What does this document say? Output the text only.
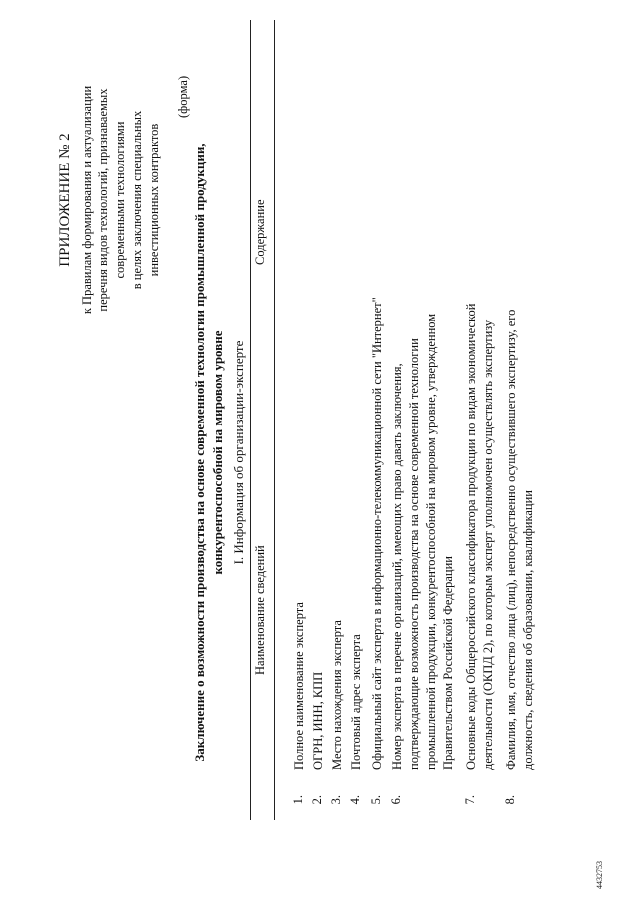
ПРИЛОЖЕНИЕ № 2 к Правилам формирования и актуализации перечня видов технологий, признаваемых современными технологиями в целях заключения специальных инвестиционных контрактов
(форма)
Заключение о возможности производства на основе современной технологии промышленной продукции, конкурентоспособной на мировом уровне I. Информация об организации-эксперте
Наименование сведений
Содержание
1.
Полное наименование эксперта
2.
ОГРН, ИНН, КПП
3.
Место нахождения эксперта
4.
Почтовый адрес эксперта
5.
Официальный сайт эксперта в информационно-телекоммуникационной сети "Интернет"
6.
Номер эксперта в перечне организаций, имеющих право давать заключения, подтверждающие возможность производства на основе современной технологии промышленной продукции, конкурентоспособной на мировом уровне, утвержденном Правительством Российской Федерации
7.
Основные коды Общероссийского классификатора продукции по видам экономической деятельности (ОКПД 2), по которым эксперт уполномочен осуществлять экспертизу
8.
Фамилия, имя, отчество лица (лиц), непосредственно осуществившего экспертизу, его должность, сведения об образовании, квалификации
4432753
